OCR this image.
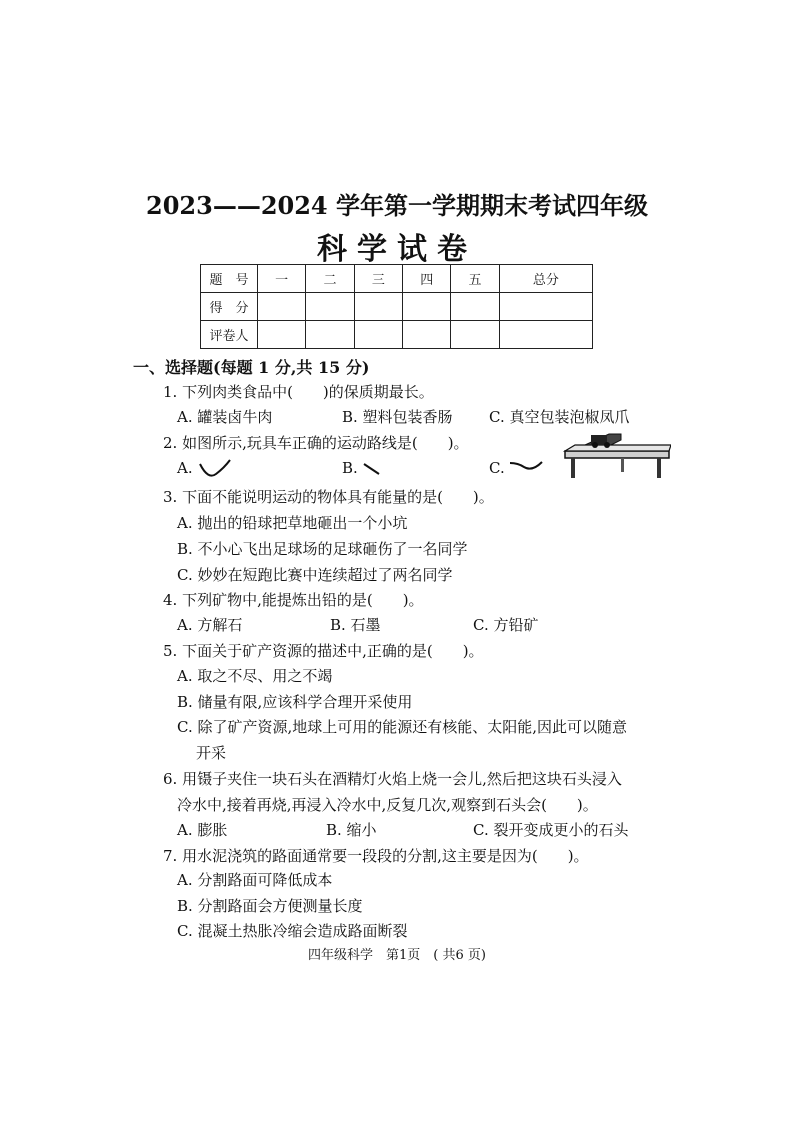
2023——2024 学年第一学期期末考试四年级
科学试卷
题　号	一	二	三	四	五	总分
得　分						
评卷人						
一、选择题(每题 1 分,共 15 分)
1. 下列肉类食品中(　　)的保质期最长。
A. 罐装卤牛肉	B. 塑料包装香肠 C. 真空包装泡椒凤爪
2. 如图所示,玩具车正确的运动路线是(　　)。
A.	B.	C.
3. 下面不能说明运动的物体具有能量的是(　　)。
A. 抛出的铅球把草地砸出一个小坑
B. 不小心飞出足球场的足球砸伤了一名同学
C. 妙妙在短跑比赛中连续超过了两名同学
4. 下列矿物中,能提炼出铅的是(　　)。
A. 方解石	B. 石墨	C. 方铅矿
5. 下面关于矿产资源的描述中,正确的是(　　)。
A. 取之不尽、用之不竭
B. 储量有限,应该科学合理开采使用
C. 除了矿产资源,地球上可用的能源还有核能、太阳能,因此可以随意
开采
6. 用镊子夹住一块石头在酒精灯火焰上烧一会儿,然后把这块石头浸入
冷水中,接着再烧,再浸入冷水中,反复几次,观察到石头会(　　)。
A. 膨胀	B. 缩小	C. 裂开变成更小的石头
7. 用水泥浇筑的路面通常要一段段的分割,这主要是因为(　　)。
A. 分割路面可降低成本
B. 分割路面会方便测量长度
C. 混凝土热胀冷缩会造成路面断裂
四年级科学　第1页　( 共6 页)
